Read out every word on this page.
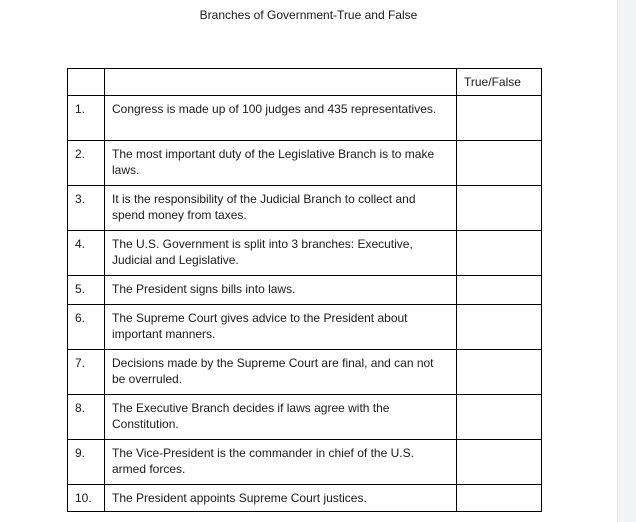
Branches of Government-True and False
		True/False
1.	Congress is made up of 100 judges and 435 representatives.	
2.	The most important duty of the Legislative Branch is to make laws.	
3.	It is the responsibility of the Judicial Branch to collect and spend money from taxes.	
4.	The U.S. Government is split into 3 branches: Executive, Judicial and Legislative.	
5.	The President signs bills into laws.	
6.	The Supreme Court gives advice to the President about important manners.	
7.	Decisions made by the Supreme Court are final, and can not be overruled.	
8.	The Executive Branch decides if laws agree with the Constitution.	
9.	The Vice-President is the commander in chief of the U.S. armed forces.	
10.	The President appoints Supreme Court justices.	
